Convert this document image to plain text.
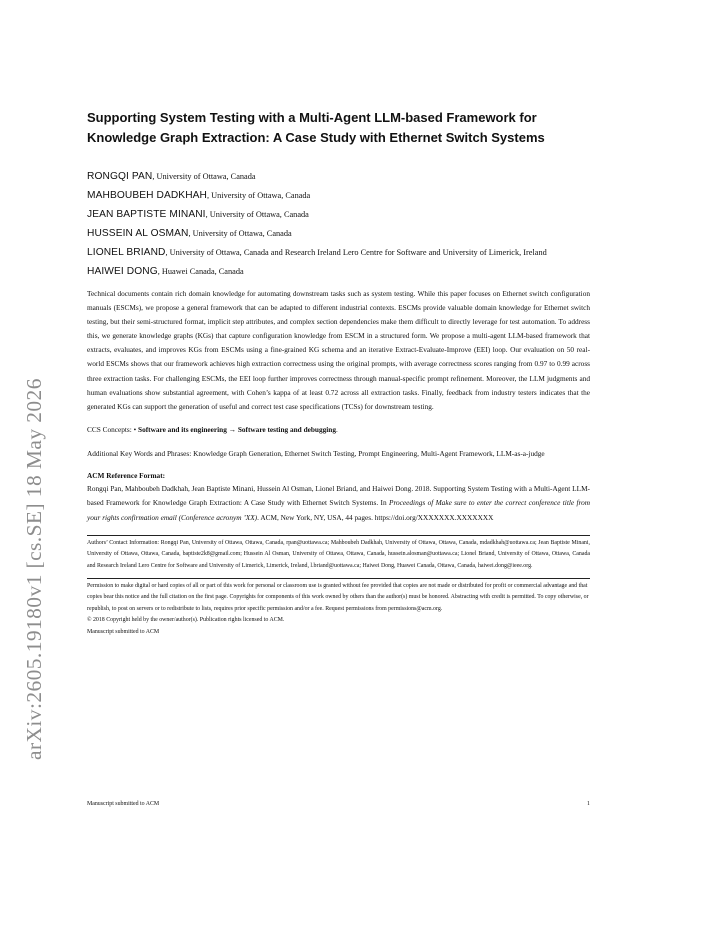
arXiv:2605.19180v1 [cs.SE] 18 May 2026
Supporting System Testing with a Multi-Agent LLM-based Framework for
Knowledge Graph Extraction: A Case Study with Ethernet Switch Systems
RONGQI PAN, University of Ottawa, Canada
MAHBOUBEH DADKHAH, University of Ottawa, Canada
JEAN BAPTISTE MINANI, University of Ottawa, Canada
HUSSEIN AL OSMAN, University of Ottawa, Canada
LIONEL BRIAND, University of Ottawa, Canada and Research Ireland Lero Centre for Software and University of Limerick, Ireland
HAIWEI DONG, Huawei Canada, Canada

Technical documents contain rich domain knowledge for automating downstream tasks such as system testing. While this paper focuses on Ethernet switch configuration manuals (ESCMs), we propose a general framework that can be adapted to different industrial contexts. ESCMs provide valuable domain knowledge for Ethernet switch testing, but their semi-structured format, implicit step attributes, and complex section dependencies make them difficult to directly leverage for test automation. To address this, we generate knowledge graphs (KGs) that capture configuration knowledge from ESCM in a structured form. We propose a multi-agent LLM-based framework that extracts, evaluates, and improves KGs from ESCMs using a fine-grained KG schema and an iterative Extract-Evaluate-Improve (EEI) loop. Our evaluation on 50 real-world ESCMs shows that our framework achieves high extraction correctness using the original prompts, with average correctness scores ranging from 0.97 to 0.99 across three extraction tasks. For challenging ESCMs, the EEI loop further improves correctness through manual-specific prompt refinement. Moreover, the LLM judgments and human evaluations show substantial agreement, with Cohen’s kappa of at least 0.72 across all extraction tasks. Finally, feedback from industry testers indicates that the generated KGs can support the generation of useful and correct test case specifications (TCSs) for downstream testing.

CCS Concepts: • Software and its engineering → Software testing and debugging.
Additional Key Words and Phrases: Knowledge Graph Generation, Ethernet Switch Testing, Prompt Engineering, Multi-Agent Framework, LLM-as-a-judge
ACM Reference Format:
Rongqi Pan, Mahboubeh Dadkhah, Jean Baptiste Minani, Hussein Al Osman, Lionel Briand, and Haiwei Dong. 2018. Supporting System Testing with a Multi-Agent LLM-based Framework for Knowledge Graph Extraction: A Case Study with Ethernet Switch Systems. In Proceedings of Make sure to enter the correct conference title from your rights confirmation email (Conference acronym ’XX). ACM, New York, NY, USA, 44 pages. https://doi.org/XXXXXXX.XXXXXXX
Authors’ Contact Information: Rongqi Pan, University of Ottawa, Ottawa, Canada, rpan@uottawa.ca; Mahboubeh Dadkhah, University of Ottawa, Ottawa, Canada, mdadkhah@uottawa.ca; Jean Baptiste Minani, University of Ottawa, Ottawa, Canada, baptiste2k8@gmail.com; Hussein Al Osman, University of Ottawa, Ottawa, Canada, hussein.alosman@uottawa.ca; Lionel Briand, University of Ottawa, Ottawa, Canada and Research Ireland Lero Centre for Software and University of Limerick, Limerick, Ireland, l.briand@uottawa.ca; Haiwei Dong, Huawei Canada, Ottawa, Canada, haiwei.dong@ieee.org.
Permission to make digital or hard copies of all or part of this work for personal or classroom use is granted without fee provided that copies are not made or distributed for profit or commercial advantage and that copies bear this notice and the full citation on the first page. Copyrights for components of this work owned by others than the author(s) must be honored. Abstracting with credit is permitted. To copy otherwise, or republish, to post on servers or to redistribute to lists, requires prior specific permission and/or a fee. Request permissions from permissions@acm.org.
© 2018 Copyright held by the owner/author(s). Publication rights licensed to ACM.
Manuscript submitted to ACM
Manuscript submitted to ACM	1
